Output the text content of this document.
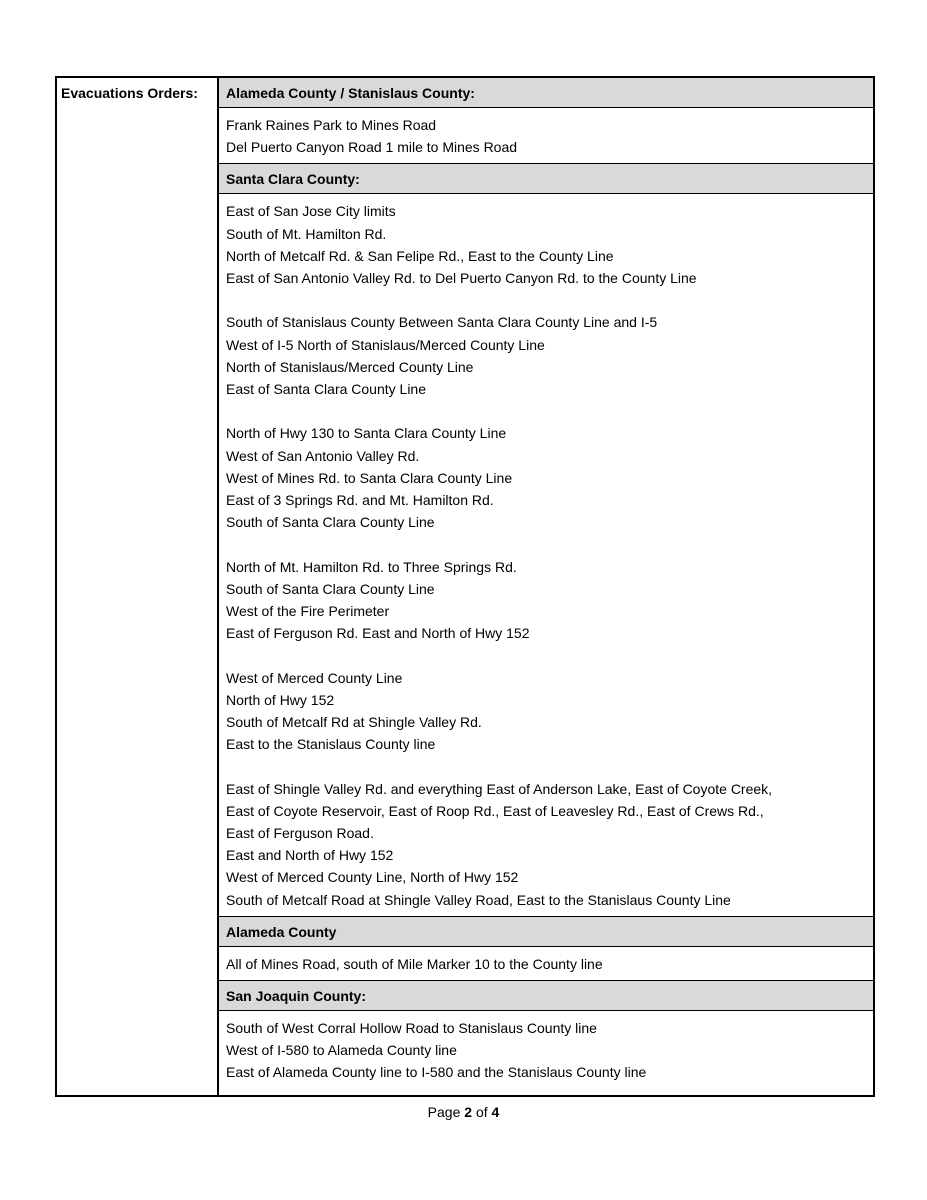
Evacuations Orders:	Alameda County / Stanislaus County:
Frank Raines Park to Mines Road
Del Puerto Canyon Road 1 mile to Mines Road
Santa Clara County:
East of San Jose City limits
South of Mt. Hamilton Rd.
North of Metcalf Rd. & San Felipe Rd., East to the County Line
East of San Antonio Valley Rd. to Del Puerto Canyon Rd. to the County Line
South of Stanislaus County Between Santa Clara County Line and I-5
West of I-5 North of Stanislaus/Merced County Line
North of Stanislaus/Merced County Line
East of Santa Clara County Line
North of Hwy 130 to Santa Clara County Line
West of San Antonio Valley Rd.
West of Mines Rd. to Santa Clara County Line
East of 3 Springs Rd. and Mt. Hamilton Rd.
South of Santa Clara County Line
North of Mt. Hamilton Rd. to Three Springs Rd.
South of Santa Clara County Line
West of the Fire Perimeter
East of Ferguson Rd. East and North of Hwy 152
West of Merced County Line
North of Hwy 152
South of Metcalf Rd at Shingle Valley Rd.
East to the Stanislaus County line
East of Shingle Valley Rd. and everything East of Anderson Lake, East of Coyote Creek,
East of Coyote Reservoir, East of Roop Rd., East of Leavesley Rd., East of Crews Rd.,
East of Ferguson Road.
East and North of Hwy 152
West of Merced County Line, North of Hwy 152
South of Metcalf Road at Shingle Valley Road, East to the Stanislaus County Line
Alameda County
All of Mines Road, south of Mile Marker 10 to the County line
San Joaquin County:
South of West Corral Hollow Road to Stanislaus County line
West of I-580 to Alameda County line
East of Alameda County line to I-580 and the Stanislaus County line
Page 2 of 4
